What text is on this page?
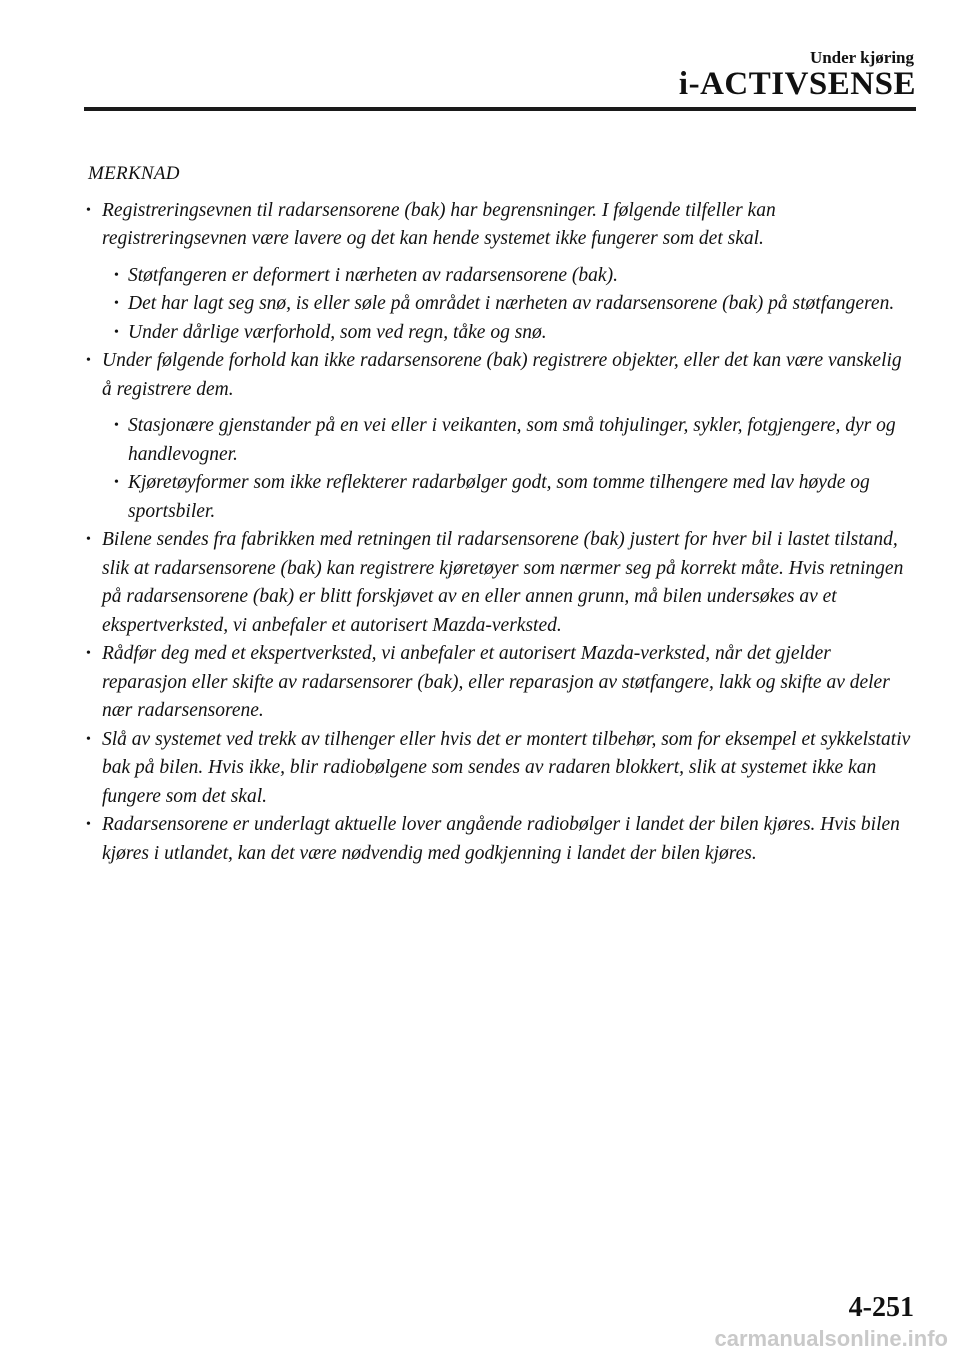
Under kjøring
i-ACTIVSENSE
MERKNAD
• Registreringsevnen til radarsensorene (bak) har begrensninger. I følgende tilfeller kan registreringsevnen være lavere og det kan hende systemet ikke fungerer som det skal.
• Støtfangeren er deformert i nærheten av radarsensorene (bak).
• Det har lagt seg snø, is eller søle på området i nærheten av radarsensorene (bak) på støtfangeren.
• Under dårlige værforhold, som ved regn, tåke og snø.
• Under følgende forhold kan ikke radarsensorene (bak) registrere objekter, eller det kan være vanskelig å registrere dem.
• Stasjonære gjenstander på en vei eller i veikanten, som små tohjulinger, sykler, fotgjengere, dyr og handlevogner.
• Kjøretøyformer som ikke reflekterer radarbølger godt, som tomme tilhengere med lav høyde og sportsbiler.
• Bilene sendes fra fabrikken med retningen til radarsensorene (bak) justert for hver bil i lastet tilstand, slik at radarsensorene (bak) kan registrere kjøretøyer som nærmer seg på korrekt måte. Hvis retningen på radarsensorene (bak) er blitt forskjøvet av en eller annen grunn, må bilen undersøkes av et ekspertverksted, vi anbefaler et autorisert Mazda-verksted.
• Rådfør deg med et ekspertverksted, vi anbefaler et autorisert Mazda-verksted, når det gjelder reparasjon eller skifte av radarsensorer (bak), eller reparasjon av støtfangere, lakk og skifte av deler nær radarsensorene.
• Slå av systemet ved trekk av tilhenger eller hvis det er montert tilbehør, som for eksempel et sykkelstativ bak på bilen. Hvis ikke, blir radiobølgene som sendes av radaren blokkert, slik at systemet ikke kan fungere som det skal.
• Radarsensorene er underlagt aktuelle lover angående radiobølger i landet der bilen kjøres. Hvis bilen kjøres i utlandet, kan det være nødvendig med godkjenning i landet der bilen kjøres.
4-251
carmanualsonline.info
